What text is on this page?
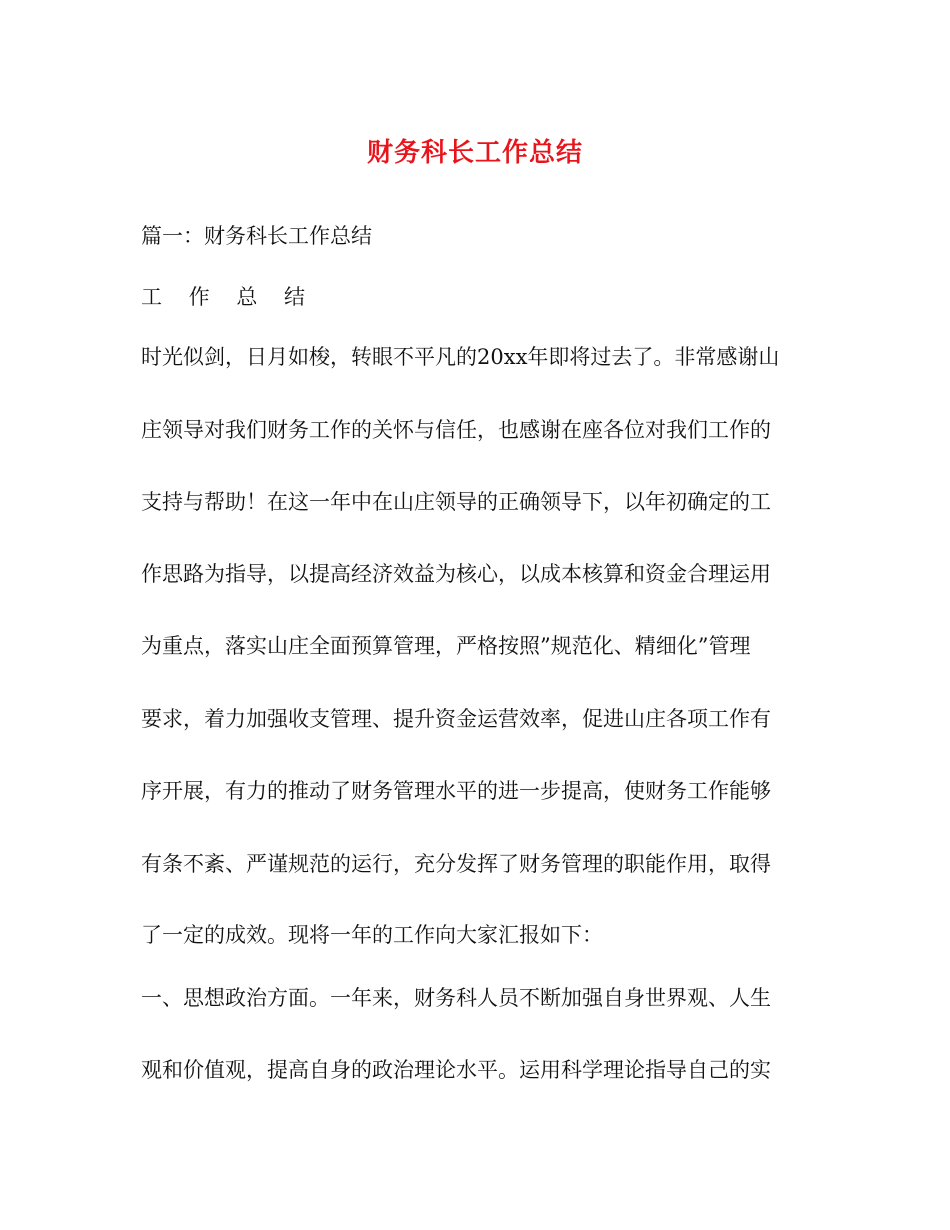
财务科长工作总结
篇一：财务科长工作总结
工 作 总 结
时光似剑，日月如梭，转眼不平凡的20xx年即将过去了。非常感谢山
庄领导对我们财务工作的关怀与信任，也感谢在座各位对我们工作的
支持与帮助！在这一年中在山庄领导的正确领导下，以年初确定的工
作思路为指导，以提高经济效益为核心，以成本核算和资金合理运用
为重点，落实山庄全面预算管理，严格按照”规范化、精细化”管理
要求，着力加强收支管理、提升资金运营效率，促进山庄各项工作有
序开展，有力的推动了财务管理水平的进一步提高，使财务工作能够
有条不紊、严谨规范的运行，充分发挥了财务管理的职能作用，取得
了一定的成效。现将一年的工作向大家汇报如下：
一、思想政治方面。一年来，财务科人员不断加强自身世界观、人生
观和价值观，提高自身的政治理论水平。运用科学理论指导自己的实
